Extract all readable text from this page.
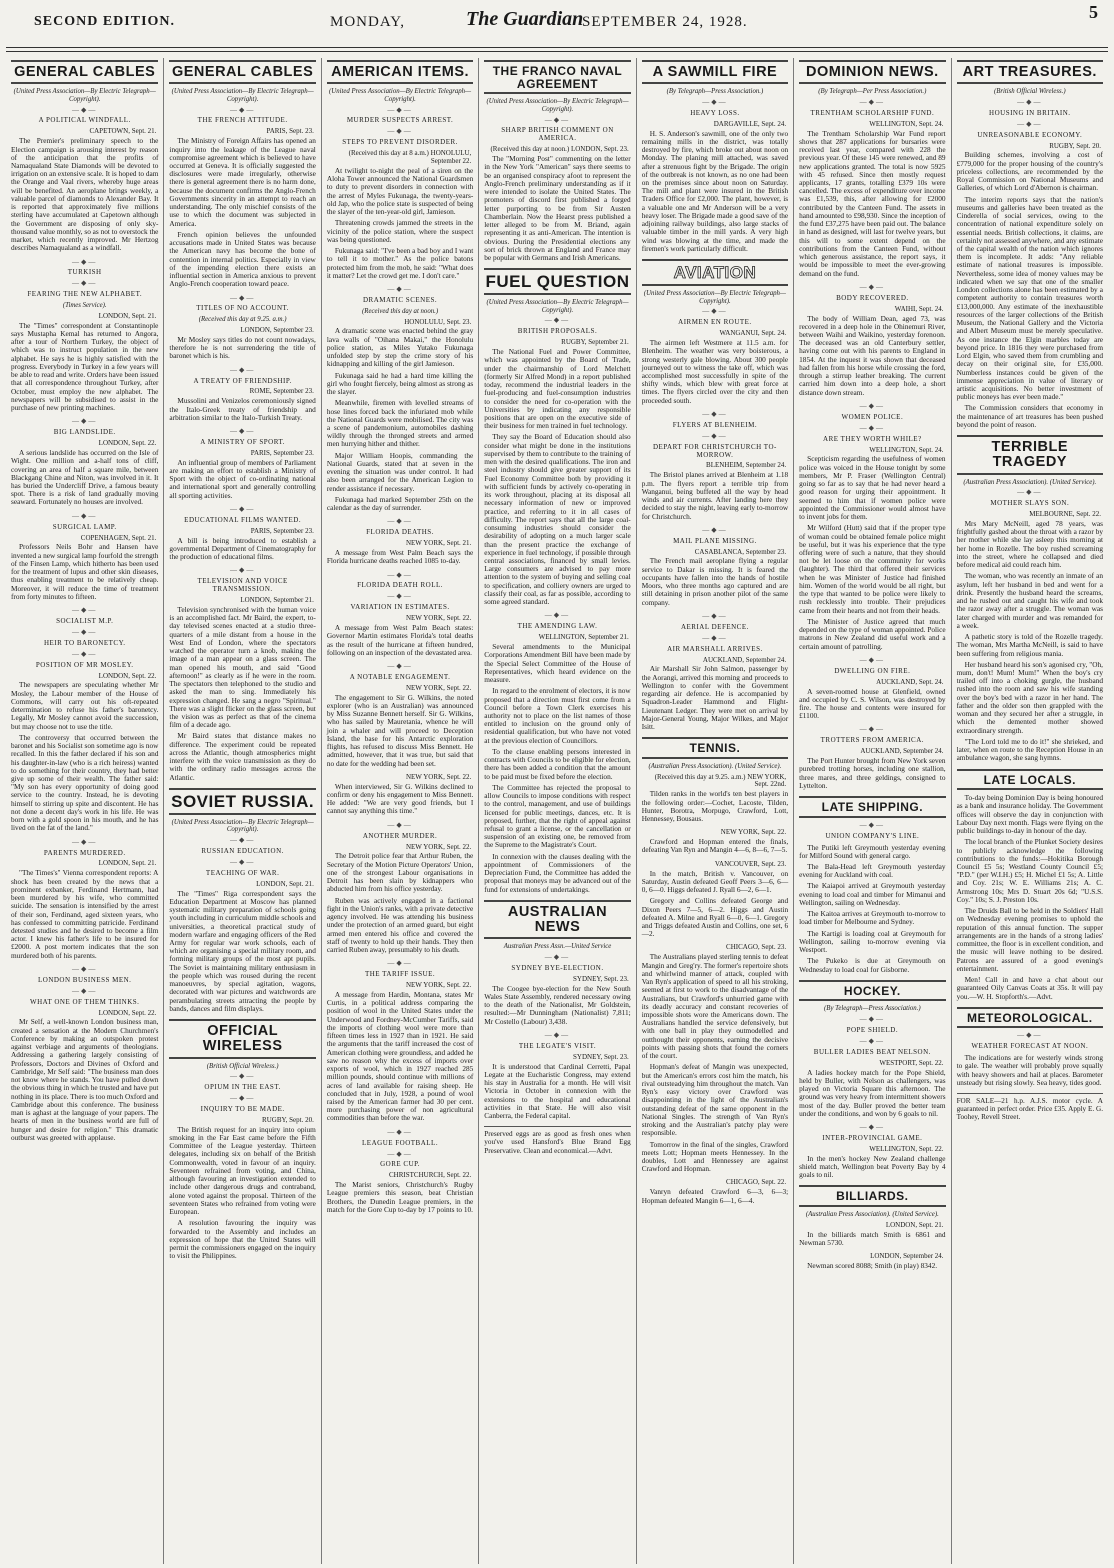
SECOND EDITION.	MONDAY,	The Guardian
SEPTEMBER 24, 1928.	5
GENERAL CABLES
(United Press Association—By Electric Telegraph—Copyright).
—◆—
A POLITICAL WINDFALL.
CAPETOWN, Sept. 21.

The Premier's preliminary speech to the Election campaign is arousing interest by reason of the anticipation that the profits of Namaqualand State Diamonds will be devoted to irrigation on an extensive scale. It is hoped to dam the Orange and Vaal rivers, whereby huge areas will be benefited. An aeroplane brings weekly, a valuable parcel of diamonds to Alexander Bay. It is reported that approximately five millions sterling have accumulated at Capetown although the Government are disposing of only sky-thousand value monthly, so as not to overstock the market, which recently improved. Mr Hertzog describes Namaqualand as a windfall.

—◆—
TURKISH
—◆—
FEARING THE NEW ALPHABET.
(Times Service).
LONDON, Sept. 21.

The "Times" correspondent at Constantinople says Mustapha Kemal has returned to Angora, after a tour of Northern Turkey, the object of which was to instruct population in the new alphabet. He says he is highly satisfied with the progress. Everybody in Turkey in a few years will be able to read and write. Orders have been issued that all correspondence throughout Turkey, after October, must employ the new alphabet. The newspapers will be subsidised to assist in the purchase of new printing machines.

—◆—
BIG LANDSLIDE.
LONDON, Sept. 22.

A serious landslide has occurred on the Isle of Wight. One million and a-half tons of cliff, covering an area of half a square mile, between Blackgang Chine and Niton, was involved in it. It has buried the Undercliff Drive, a famous beauty spot. There is a risk of land gradually moving seaward. Fortunately no houses are involved.

—◆—
SURGICAL LAMP.
COPENHAGEN, Sept. 21.

Professors Neils Bohr and Hansen have invented a new surgical lamp fourfold the strength of the Finsen Lamp, which hitherto has been used for the treatment of lupus and other skin diseases, thus enabling treatment to be relatively cheap. Moreover, it will reduce the time of treatment from forty minutes to fifteen.

—◆—
SOCIALIST M.P.
—◆—
HEIR TO BARONETCY.
—◆—
POSITION OF MR MOSLEY.
LONDON, Sept. 22.

The newspapers are speculating whether Mr Mosley, the Labour member of the House of Commons, will carry out his oft-repeated determination to refuse his father's baronetcy. Legally, Mr Mosley cannot avoid the succession, but may choose not to use the title.

The controversy that occurred between the baronet and his Socialist son sometime ago is now recalled. In this the father declared if his son and his daughter-in-law (who is a rich heiress) wanted to do something for their country, they had better give up some of their wealth. The father said: "My son has every opportunity of doing good service to the country. Instead, he is devoting himself to stirring up spite and discontent. He has not done a decent day's work in his life. He was born with a gold spoon in his mouth, and he has lived on the fat of the land."

—◆—
PARENTS MURDERED.
LONDON, Sept. 21.

"The Times's" Vienna correspondent reports: A shock has been created by the news that a prominent exbanker, Ferdinand Hertmann, had been murdered by his wife, who committed suicide. The sensation is intensified by the arrest of their son, Ferdinand, aged sixteen years, who has confessed to committing patricide. Ferdinand detested studies and he desired to become a film actor. I knew his father's life to be insured for £2000. A post mortem indicates that the son murdered both of his parents.

—◆—
LONDON BUSINESS MEN.
—◆—
WHAT ONE OF THEM THINKS.
LONDON, Sept. 22.

Mr Self, a well-known London business man, created a sensation at the Modern Churchmen's Conference by making an outspoken protest against verbiage and arguments of theologians. Addressing a gathering largely consisting of Professors, Doctors and Divines of Oxford and Cambridge, Mr Self said: "The business man does not know where he stands. You have pulled down the obvious thing in which he trusted and have put nothing in its place. There is too much Oxford and Cambridge about this conference. The business man is aghast at the language of your papers. The hearts of men in the business world are full of hunger and desire for religion." This dramatic outburst was greeted with applause.

GENERAL CABLES
(United Press Association—By Electric Telegraph—Copyright).
—◆—
THE FRENCH ATTITUDE.
PARIS, Sept. 23.

The Ministry of Foreign Affairs has opened an inquiry into the leakage of the League naval compromise agreement which is believed to have occurred at Geneva. It is officially suggested the disclosures were made irregularly, otherwise there is general agreement there is no harm done, because the document confirms the Anglo-French Governments sincerity in an attempt to reach an understanding. The only mischief consists of the use to which the document was subjected in America.

French opinion believes the unfounded accusations made in United States was because the American navy has become the bone of contention in internal politics. Especially in view of the impending election there exists an influential section in America anxious to prevent Anglo-French cooperation toward peace.

—◆—
TITLES OF NO ACCOUNT.
(Received this day at 9.25. a.m.)
LONDON, September 23.

Mr Mosley says titles do not count nowadays, therefore he is not surrendering the title of baronet which is his.

—◆—
A TREATY OF FRIENDSHIP.
ROME, September 23.

Mussolini and Venizelos ceremoniously signed the Italo-Greek treaty of friendship and arbitration similar to the Italo-Turkish Treaty.

—◆—
A MINISTRY OF SPORT.
PARIS, September 23.

An influential group of members of Parliament are making an effort to establish a Ministry of Sport with the object of co-ordinating national and international sport and generally controlling all sporting activities.

—◆—
EDUCATIONAL FILMS WANTED.
PARIS, September 23.

A bill is being introduced to establish a governmental Department of Cinematography for the production of educational films.

—◆—
TELEVISION AND VOICE TRANSMISSION.
LONDON, September 21.

Television synchronised with the human voice is an accomplished fact. Mr Baird, the expert, to-day televised scenes enacted at a studio three-quarters of a mile distant from a house in the West End of London, where the spectators watched the operator turn a knob, making the image of a man appear on a glass screen. The man opened his mouth, and said "Good afternoon!" as clearly as if he were in the room. The spectators then telephoned to the studio and asked the man to sing. Immediately his expression changed. He sang a negro "Spiritual." There was a slight flicker on the glass screen, but the vision was as perfect as that of the cinema film of a decade ago.

Mr Baird states that distance makes no difference. The experiment could be repeated across the Atlantic, though atmospherics might interfere with the voice transmission as they do with the ordinary radio messages across the Atlantic.

SOVIET RUSSIA.
(United Press Association—By Electric Telegraph—Copyright).
—◆—
RUSSIAN EDUCATION.
—◆—
TEACHING OF WAR.
LONDON, Sept. 21.

The "Times" Riga correspondent says the Education Department at Moscow has planned systematic military preparation of schools going youth including in curriculum middle schools and universities, a theoretical practical study of modern warfare and engaging officers of the Red Army for regular war work schools, each of which are organising a special military room, and forming military groups of the most apt pupils. The Soviet is maintaining military enthusiasm in the people which was roused during the recent manoeuvres, by special agitation, wagons, decorated with war pictures and watchwords are perambulating streets attracting the people by bands, dances and film displays.

OFFICIAL WIRELESS
(British Official Wireless.)
—◆—
OPIUM IN THE EAST.
—◆—
INQUIRY TO BE MADE.
RUGBY, Sept. 20.

The British request for an inquiry into opium smoking in the Far East came before the Fifth Committee of the League yesterday. Thirteen delegates, including six on behalf of the British Commonwealth, voted in favour of an inquiry. Seventeen refrained from voting, and China, although favouring an investigation extended to include other dangerous drugs and contraband, alone voted against the proposal. Thirteen of the seventeen States who refrained from voting were European.

A resolution favouring the inquiry was forwarded to the Assembly and includes an expression of hope that the United States will permit the commissioners engaged on the inquiry to visit the Philippines.

AMERICAN ITEMS.
(United Press Association—By Electric Telegraph—Copyright).
—◆—
MURDER SUSPECTS ARREST.
—◆—
STEPS TO PREVENT DISORDER.
(Received this day at 8 a.m.) HONOLULU, September 22.

At twilight to-night the peal of a siren on the Aloha Tower announced the National Guardsmen to duty to prevent disorders in connection with the arrest of Myles Fukunaga, the twenty-years-old Jap, who the police state is suspected of being the slayer of the ten-year-old girl, Jamieson.

Threatening crowds jammed the streets in the vicinity of the police station, where the suspect was being questioned.

Fukunaga said: "I've been a bad boy and I want to tell it to mother." As the police batons protected him from the mob, he said: "What does it matter? Let the crowd get me. I don't care."

—◆—
DRAMATIC SCENES.
(Received this day at noon.)
HONOLULU, Sept. 23.

A dramatic scene was enacted behind the gray lava walls of "Oihana Makai," the Honolulu police station, as Miles Yutako Fukunaga unfolded step by step the crime story of his kidnapping and killing of the girl Jamieson.

Fukunaga said he had a hard time killing the girl who fought fiercely, being almost as strong as the slayer.

Meanwhile, firemen with levelled streams of hose lines forced back the infuriated mob while the National Guards were mobilised. The city was a scene of pandemonium, automobiles dashing wildly through the thronged streets and armed men hurrying hither and thither.

Major William Hoopis, commanding the National Guards, stated that at seven in the evening the situation was under control. It had also been arranged for the American Legion to render assistance if necessary.

Fukunaga had marked September 25th on the calendar as the day of surrender.

—◆—
FLORIDA DEATHS.
NEW YORK, Sept. 21.

A message from West Palm Beach says the Florida hurricane deaths reached 1085 to-day.

—◆—
FLORIDA DEATH ROLL.
—◆—
VARIATION IN ESTIMATES.
NEW YORK, Sept. 22.

A message from West Palm Beach states: Governor Martin estimates Florida's total deaths as the result of the hurricane at fifteen hundred, following on an inspection of the devastated area.

—◆—
A NOTABLE ENGAGEMENT.
NEW YORK, Sept. 22.

The engagement to Sir G. Wilkins, the noted explorer (who is an Australian) was announced by Miss Suzanne Bennett herself. Sir G. Wilkins, who has sailed by Mauretania, whence he will join a whaler and will proceed to Deception Island, the base for his Antarctic exploration flights, has refused to discuss Miss Bennett. He admitted, however, that it was true, but said that no date for the wedding had been set.

NEW YORK, Sept. 22.

When interviewed, Sir G. Wilkins declined to confirm or deny his engagement to Miss Bennett. He added: "We are very good friends, but I cannot say anything this time."

—◆—
ANOTHER MURDER.
NEW YORK, Sept. 22.

The Detroit police fear that Arthur Ruben, the Secretary of the Motion Picture Operators' Union, one of the strongest Labour organisations in Detroit has been slain by kidnappers who abducted him from his office yesterday.

Ruben was actively engaged in a factional fight in the Union's ranks, with a private detective agency involved. He was attending his business under the protection of an armed guard, but eight armed men entered his office and covered the staff of twenty to hold up their hands. They then carried Ruben away, presumably to his death.

—◆—
THE TARIFF ISSUE.
NEW YORK, Sept. 22.

A message from Hardin, Montana, states Mr Curtis, in a political address comparing the position of wool in the United States under the Underwood and Fordney-McCumber Tariffs, said the imports of clothing wool were more than fifteen times less in 1927 than in 1921. He said the arguments that the tariff increased the cost of American clothing were groundless, and added he saw no reason why the excess of imports over exports of wool, which in 1927 reached 285 million pounds, should continue with millions of acres of land available for raising sheep. He concluded that in July, 1928, a pound of wool raised by the American farmer had 30 per cent. more purchasing power of non agricultural commodities than before the war.

—◆—
LEAGUE FOOTBALL.
—◆—
GORE CUP.
CHRISTCHURCH, Sept. 22.

The Marist seniors, Christchurch's Rugby League premiers this season, beat Christian Brothers, the Dunedin League premiers, in the match for the Gore Cup to-day by 17 points to 10.

THE FRANCO NAVAL AGREEMENT
(United Press Association—By Electric Telegraph—Copyright).
—◆—
SHARP BRITISH COMMENT ON AMERICA.
(Received this day at noon.) LONDON, Sept. 23.

The "Morning Post" commenting on the letter in the New York "American" says there seems to be an organised conspiracy afoot to represent the Anglo-French preliminary understanding as if it were intended to isolate the United States. The promoters of discord first published a forged letter purporting to be from Sir Austen Chamberlain. Now the Hearst press published a letter alleged to be from M. Briand, again representing it as anti-American. The intention is obvious. During the Presidential elections any sort of brick thrown at England and France may be popular with Germans and Irish Americans.

FUEL QUESTION
(United Press Association—By Electric Telegraph—Copyright).
—◆—
BRITISH PROPOSALS.
RUGBY, September 21.

The National Fuel and Power Committee, which was appointed by the Board of Trade, under the chairmanship of Lord Melchett (formerly Sir Alfred Mond) in a report published today, recommend the industrial leaders in the fuel-producing and fuel-consumption industries to consider the need for co-operation with the Universities by indicating any responsible positions that are open on the executive side of their business for men trained in fuel technology.

They say the Board of Education should also consider what might be done in the institutions supervised by them to contribute to the training of men with the desired qualifications. The iron and steel industry should give greater support of its Fuel Economy Committee both by providing it with sufficient funds by actively co-operating in its work throughout, placing at its disposal all necessary information of new or improved practice, and referring to it in all cases of difficulty. The report says that all the large coal-consuming industries should consider the desirability of adopting on a much larger scale than the present practice the exchange of experience in fuel technology, if possible through central associations, financed by small levies. Large consumers are advised to pay more attention to the system of buying and selling coal to specification, and colliery owners are urged to classify their coal, as far as possible, according to some agreed standard.

—◆—
THE AMENDING LAW.
WELLINGTON, September 21.

Several amendments to the Municipal Corporations Amendment Bill have been made by the Special Select Committee of the House of Representatives, which heard evidence on the measure.

In regard to the enrolment of electors, it is now proposed that a direction must first come from a Council before a Town Clerk exercises his authority not to place on the list names of those entitled to inclusion on the ground only of residential qualification, but who have not voted at the previous election of Councillors.

To the clause enabling persons interested in contracts with Councils to be eligible for election, there has been added a condition that the amount to be paid must be fixed before the election.

The Committee has rejected the proposal to allow Councils to impose conditions with respect to the control, management, and use of buildings licensed for public meetings, dances, etc. It is proposed, further, that the right of appeal against refusal to grant a license, or the cancellation or suspension of an existing one, be removed from the Supreme to the Magistrate's Court.

In connexion with the clauses dealing with the appointment of Commissioners of the Depreciation Fund, the Committee has added the proposal that moneys may be advanced out of the fund for extensions of undertakings.

AUSTRALIAN NEWS
Australian Press Assn.—United Service
—◆—
SYDNEY BYE-ELECTION.
SYDNEY, Sept. 23.

The Coogee bye-election for the New South Wales State Assembly, rendered necessary owing to the death of the Nationalist, Mr Goldstein, resulted:—Mr Dunningham (Nationalist) 7,811; Mr Costello (Labour) 3,438.

—◆—
THE LEGATE'S VISIT.
SYDNEY, Sept. 23.

It is understood that Cardinal Cerretti, Papal Legate at the Eucharistic Congress, may extend his stay in Australia for a month. He will visit Victoria in October in connexion with the extensions to the hospital and educational activities in that State. He will also visit Canberra, the Federal capital.

Preserved eggs are as good as fresh ones when you've used Hansford's Blue Brand Egg Preservative. Clean and economical.—Advt.
A SAWMILL FIRE
(By Telegraph—Press Association.)
—◆—
HEAVY LOSS.
DARGAVILLE, Sept. 24.

H. S. Anderson's sawmill, one of the only two remaining mills in the district, was totally destroyed by fire, which broke out about noon on Monday. The planing mill attached, was saved after a strenuous fight by the Brigade. The origin of the outbreak is not known, as no one had been on the premises since about noon on Saturday. The mill and plant were insured in the British Traders Office for £2,000. The plant, however, is a valuable one and Mr Anderson will be a very heavy loser. The Brigade made a good save of the adjoining railway buildings, also large stacks of valuable timber in the mill yards. A very high wind was blowing at the time, and made the firemen's work particularly difficult.

AVIATION
(United Press Association—By Electric Telegraph—Copyright).
—◆—
AIRMEN EN ROUTE.
WANGANUI, Sept. 24.

The airmen left Westmere at 11.5 a.m. for Blenheim. The weather was very boisterous, a strong westerly gale blowing. About 300 people journeyed out to witness the take off, which was accomplished most successfully in spite of the shifty winds, which blew with great force at times. The flyers circled over the city and then proceeded south.

—◆—
FLYERS AT BLENHEIM.
—◆—
DEPART FOR CHRISTCHURCH TO-MORROW.
BLENHEIM, September 24.

The Bristol planes arrived at Blenheim at 1.18 p.m. The flyers report a terrible trip from Wanganui, being buffeted all the way by head winds and air currents. After landing here they decided to stay the night, leaving early to-morrow for Christchurch.

—◆—
MAIL PLANE MISSING.
CASABLANCA, September 23.

The French mail aeroplane flying a regular service to Dakar is missing. It is feared the occupants have fallen into the hands of hostile Moors, who three months ago captured and are still detaining in prison another pilot of the same company.

—◆—
AERIAL DEFENCE.
—◆—
AIR MARSHALL ARRIVES.
AUCKLAND, September 24.

Air Marshall Sir John Salmon, passenger by the Aorangi, arrived this morning and proceeds to Wellington to confer with the Government regarding air defence. He is accompanied by Squadron-Leader Hammond and Flight-Lieutenant Ledger. They were met on arrival by Major-General Young, Major Wilkes, and Major Isitt.

TENNIS.
(Australian Press Association). (United Service).
(Received this day at 9.25. a.m.) NEW YORK, Sept. 22nd.

Tilden ranks in the world's ten best players in the following order:—Cochet, Lacoste, Tilden, Hunter, Borotra, Morpugo, Crawford, Lott, Hennessey, Bousaus.

NEW YORK, Sept. 22.

Crawford and Hopman entered the finals, defeating Van Ryn and Mangin 4—6, 8—6, 7—5.

VANCOUVER, Sept. 23.

In the match, British v. Vancouver, on Saturday, Austin defeated Geoff Peers 3—6, 6—0, 6—0. Higgs defeated J. Ryall 6—2, 6—1.

Gregory and Collins defeated George and Dixon Peers 7—5, 6—2. Higgs and Austin defeated A. Milne and Ryall 6—0, 6—1. Gregory and Triggs defeated Austin and Collins, one set, 6—2.

CHICAGO, Sept. 23.

The Australians played sterling tennis to defeat Mangin and Greg'ry. The former's repertoire shots and whirlwind manner of attack, coupled with Van Ryn's application of speed to all his stroking, seemed at first to work to the disadvantage of the Australians, but Crawford's unhurried game with its deadly accuracy and constant recoveries of impossible shots wore the Americans down. The Australians handled the service defensively, but with one ball in play they outmodelled and outthought their opponents, earning the decisive points with passing shots that found the corners of the court.

Hopman's defeat of Mangin was unexpected, but the American's errors cost him the match, his rival outsteadying him throughout the match. Van Ryn's easy victory over Crawford was disappointing in the light of the Australian's outstanding defeat of the same opponent in the National Singles. The strength of Van Ryn's stroking and the Australian's patchy play were responsible.

Tomorrow in the final of the singles, Crawford meets Lott; Hopman meets Hennessey. In the doubles, Lott and Hennessey are against Crawford and Hopman.

CHICAGO, Sept. 22.

Vanryn defeated Crawford 6—3, 6—3; Hopman defeated Mangin 6—1, 6—4.

DOMINION NEWS.
(By Telegraph—Per Press Association.)
—◆—
TRENTHAM SCHOLARSHIP FUND.
WELLINGTON, Sept. 24.

The Trentham Scholarship War Fund report shows that 287 applications for bursaries were received last year, compared with 228 the previous year. Of these 145 were renewed, and 89 new applications granted. The total is now 5925 with 45 refused. Since then mostly request applicants, 17 grants, totalling £379 10s were cancelled. The excess of expenditure over income was £1,539, this, after allowing for £2000 contributed by the Canteen Fund. The assets in hand amounted to £98,930. Since the inception of the fund £37,275 have been paid out. The balance in hand as designed, will last for twelve years, but this will to some extent depend on the contributions from the Canteen Fund, without which generous assistance, the report says, it would be impossible to meet the ever-growing demand on the fund.

—◆—
BODY RECOVERED.
WAIHI, Sept. 24.

The body of William Dean, aged 73, was recovered in a deep hole in the Ohinemuri River, between Waihi and Waikino, yesterday forenoon. The deceased was an old Canterbury settler, having come out with his parents to England in 1854. At the inquest it was shown that deceased had fallen from his horse while crossing the ford, through a stirrup leather breaking. The current carried him down into a deep hole, a short distance down stream.

—◆—
WOMEN POLICE.
—◆—
ARE THEY WORTH WHILE?
WELLINGTON, Sept. 24.

Scepticism regarding the usefulness of women police was voiced in the House tonight by some members, Mr P. Fraser (Wellington Central) going so far as to say that he had never heard a good reason for urging their appointment. It seemed to him that if women police were appointed the Commissioner would almost have to invent jobs for them.

Mr Wilford (Hutt) said that if the proper type of woman could be obtained female police might be useful, but it was his experience that the type offering were of such a nature, that they should not be let loose on the community for works (laughter). The third that offered their services when he was Minister of Justice had finished him. Women of the world would be all right, but the type that wanted to be police were likely to rush recklessly into trouble. Their prejudices came from their hearts and not from their heads.

The Minister of Justice agreed that much depended on the type of woman appointed. Police matrons in New Zealand did useful work and a certain amount of patrolling.

—◆—
DWELLING ON FIRE.
AUCKLAND, Sept. 24.

A seven-roomed house at Glenfield, owned and occupied by C. S. Wilson, was destroyed by fire. The house and contents were insured for £1100.

—◆—
TROTTERS FROM AMERICA.
AUCKLAND, September 24.

The Port Hunter brought from New York seven purebred trotting horses, including one stallion, three mares, and three geldings, consigned to Lyttelton.

LATE SHIPPING.
—◆—
UNION COMPANY'S LINE.

The Putiki left Greymouth yesterday evening for Milford Sound with general cargo.

The Bala-Head left Greymouth yesterday evening for Auckland with coal.

The Kaiapoi arrived at Greymouth yesterday evening to load coal and timber for Mimanui and Wellington, sailing on Wednesday.

The Kaitoa arrives at Greymouth to-morrow to load timber for Melbourne and Sydney.

The Kartigi is loading coal at Greymouth for Wellington, sailing to-morrow evening via Westport.

The Pukeko is due at Greymouth on Wednesday to load coal for Gisborne.

HOCKEY.
(By Telegraph—Press Association.)
—◆—
POPE SHIELD.
—◆—
BULLER LADIES BEAT NELSON.
WESTPORT, Sept. 22.

A ladies hockey match for the Pope Shield, held by Buller, with Nelson as challengers, was played on Victoria Square this afternoon. The ground was very heavy from intermittent showers most of the day. Buller proved the better team under the conditions, and won by 6 goals to nil.

—◆—
INTER-PROVINCIAL GAME.
WELLINGTON, Sept. 22.

In the men's hockey New Zealand challenge shield match, Wellington beat Poverty Bay by 4 goals to nil.

BILLIARDS.
(Australian Press Association). (United Service).
LONDON, Sept. 21.

In the billiards match Smith is 6861 and Newman 5730.

LONDON, September 24.

Newman scored 8088; Smith (in play) 8342.

ART TREASURES.
(British Official Wireless.)
—◆—
HOUSING IN BRITAIN.
—◆—
UNREASONABLE ECONOMY.
RUGBY, Sept. 20.

Building schemes, involving a cost of £779,000 for the proper housing of the country's priceless collections, are recommended by the Royal Commission on National Museums and Galleries, of which Lord d'Abernon is chairman.

The interim reports says that the nation's museums and galleries have been treated as the Cinderella of social services, owing to the concentration of national expenditure solely on essential needs. British collections, it claims, are certainly not assessed anywhere, and any estimate of the capital wealth of the nation which ignores them is incomplete. It adds: "Any reliable estimate of national treasures is impossible. Nevertheless, some idea of money values may be indicated when we say that one of the smaller London collections alone has been estimated by a competent authority to contain treasures worth £13,000,000. Any estimate of the inexhaustible resources of the larger collections of the British Museum, the National Gallery and the Victoria and Albert Museum must be merely speculative. As one instance the Elgin marbles today are beyond price. In 1816 they were purchased from Lord Elgin, who saved them from crumbling and decay on their original site, for £35,000. Numberless instances could be given of the immense appreciation in value of literary or artistic acquisitions. No better investment of public moneys has ever been made."

The Commission considers that economy in the maintenance of art treasures has been pushed beyond the point of reason.

TERRIBLE TRAGEDY
(Australian Press Association). (United Service).
—◆—
MOTHER SLAYS SON.
MELBOURNE, Sept. 22.

Mrs Mary McNeill, aged 78 years, was frightfully gashed about the throat with a razor by her mother while she lay asleep this morning at her home in Rozelle. The boy rushed screaming into the street, where he collapsed and died before medical aid could reach him.

The woman, who was recently an inmate of an asylum, left her husband in bed and went for a drink. Presently the husband heard the screams, and he rushed out and caught his wife and took the razor away after a struggle. The woman was later charged with murder and was remanded for a week.

A pathetic story is told of the Rozelle tragedy. The woman, Mrs Martha McNeill, is said to have been suffering from religious mania.

Her husband heard his son's agonised cry, "Oh, mum, don't! Mum! Mum!" When the boy's cry trailed off into a choking gurgle, the husband rushed into the room and saw his wife standing over the boy's bed with a razor in her hand. The father and the older son then grappled with the woman and they secured her after a struggle, in which the demented mother showed extraordinary strength.

"The Lord told me to do it!" she shrieked, and later, when en route to the Reception House in an ambulance wagon, she sang hymns.

LATE LOCALS.

To-day being Dominion Day is being honoured as a bank and insurance holiday. The Government offices will observe the day in conjunction with Labour Day next month. Flags were flying on the public buildings to-day in honour of the day.

The local branch of the Plunket Society desires to publicly acknowledge the following contributions to the funds:—Hokitika Borough Council £5 5s; Westland County Council £5; "P.D." (per W.I.H.) £5; H. Michel £1 5s; A. Little and Coy. 21s; W. E. Williams 21s; A. C. Armstrong 10s; Mrs D. Stuart 20s 6d; "U.S.S. Coy." 10s; S. J. Preston 10s.

The Druids Ball to be held in the Soldiers' Hall on Wednesday evening promises to uphold the reputation of this annual function. The supper arrangements are in the hands of a strong ladies' committee, the floor is in excellent condition, and the music will leave nothing to be desired. Patrons are assured of a good evening's entertainment.

Men! Call in and have a chat about our guaranteed Oily Canvas Coats at 35s. It will pay you.—W. H. Stopforth's.—Advt.

METEOROLOGICAL.
—◆—
WEATHER FORECAST AT NOON.

The indications are for westerly winds strong to gale. The weather will probably prove squally with heavy showers and hail at places. Barometer unsteady but rising slowly. Sea heavy, tides good.

FOR SALE—21 h.p. A.J.S. motor cycle. A guaranteed in perfect order. Price £35. Apply E. G. Toohey, Revell Street.
